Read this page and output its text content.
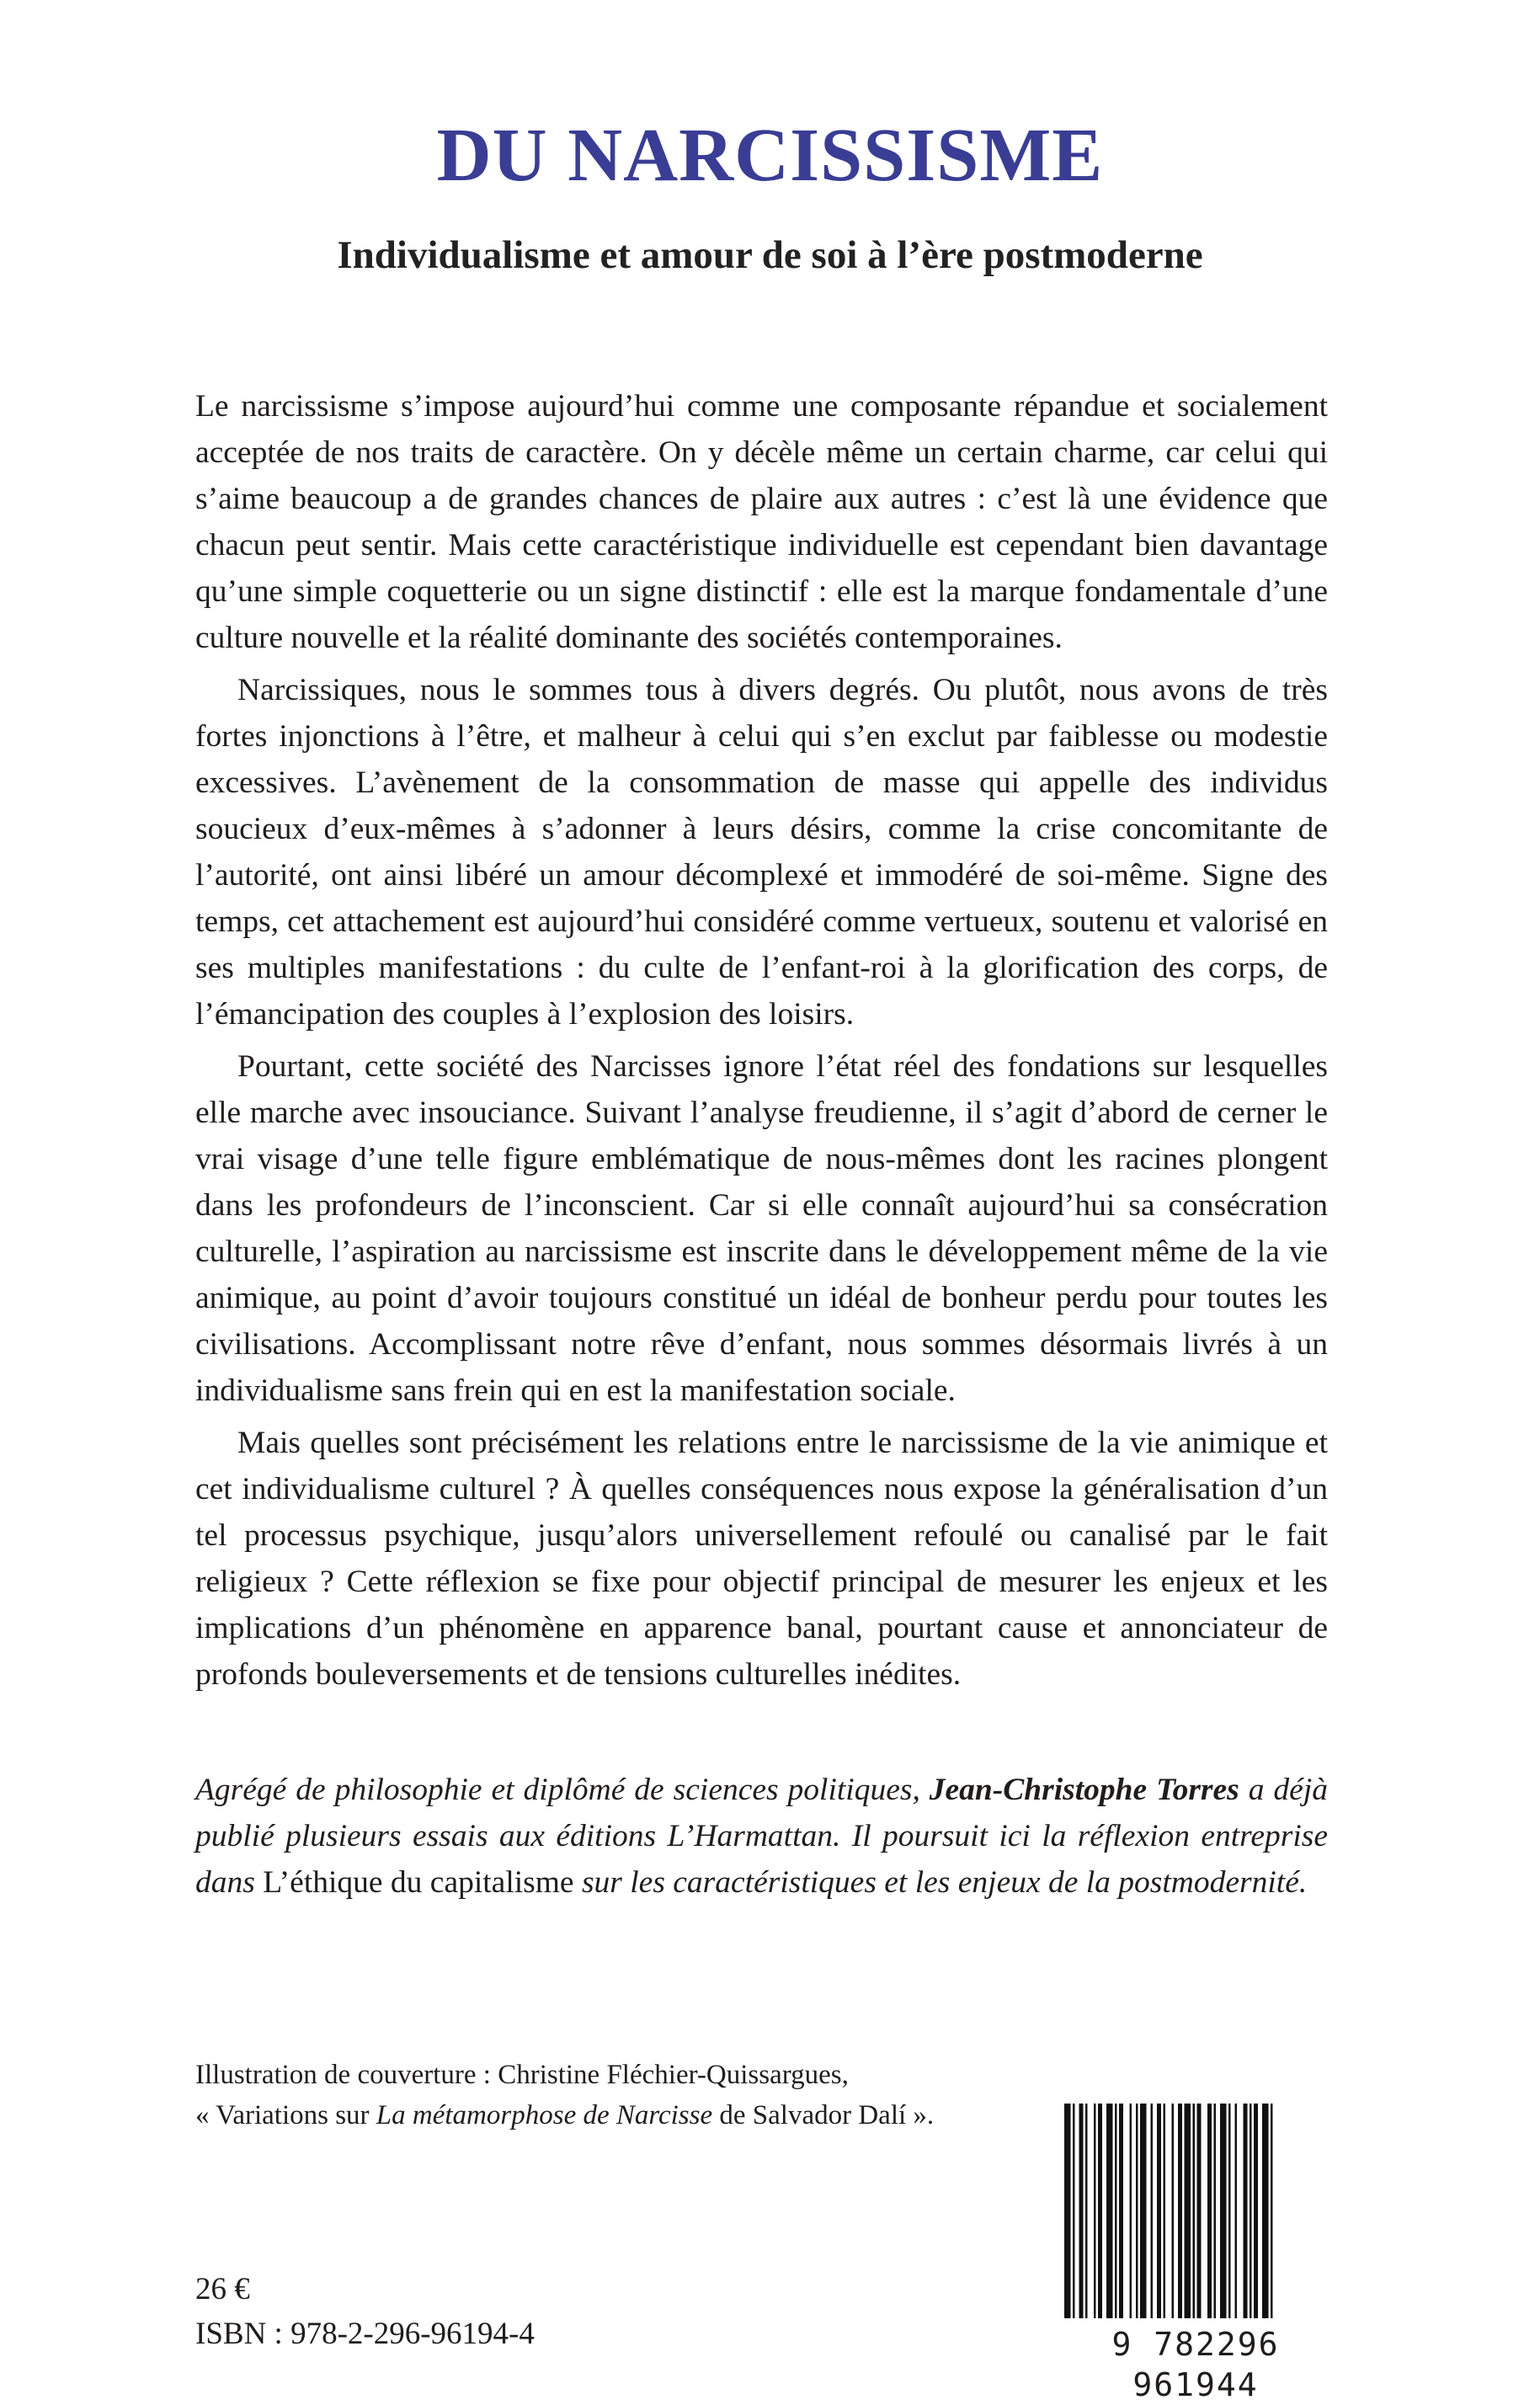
DU NARCISSISME
Individualisme et amour de soi à l’ère postmoderne

Le narcissisme s’impose aujourd’hui comme une composante répandue et socialement acceptée de nos traits de caractère. On y décèle même un certain charme, car celui qui s’aime beaucoup a de grandes chances de plaire aux autres : c’est là une évidence que chacun peut sentir. Mais cette caractéristique individuelle est cependant bien davantage qu’une simple coquetterie ou un signe distinctif : elle est la marque fondamentale d’une culture nouvelle et la réalité dominante des sociétés contemporaines.

Narcissiques, nous le sommes tous à divers degrés. Ou plutôt, nous avons de très fortes injonctions à l’être, et malheur à celui qui s’en exclut par faiblesse ou modestie excessives. L’avènement de la consommation de masse qui appelle des individus soucieux d’eux-mêmes à s’adonner à leurs désirs, comme la crise concomitante de l’autorité, ont ainsi libéré un amour décomplexé et immodéré de soi-même. Signe des temps, cet attachement est aujourd’hui considéré comme vertueux, soutenu et valorisé en ses multiples manifestations : du culte de l’enfant-roi à la glorification des corps, de l’émancipation des couples à l’explosion des loisirs.

Pourtant, cette société des Narcisses ignore l’état réel des fondations sur lesquelles elle marche avec insouciance. Suivant l’analyse freudienne, il s’agit d’abord de cerner le vrai visage d’une telle figure emblématique de nous-mêmes dont les racines plongent dans les profondeurs de l’inconscient. Car si elle connaît aujourd’hui sa consécration culturelle, l’aspiration au narcissisme est inscrite dans le développement même de la vie animique, au point d’avoir toujours constitué un idéal de bonheur perdu pour toutes les civilisations. Accomplissant notre rêve d’enfant, nous sommes désormais livrés à un individualisme sans frein qui en est la manifestation sociale.

Mais quelles sont précisément les relations entre le narcissisme de la vie animique et cet individualisme culturel ? À quelles conséquences nous expose la généralisation d’un tel processus psychique, jusqu’alors universellement refoulé ou canalisé par le fait religieux ? Cette réflexion se fixe pour objectif principal de mesurer les enjeux et les implications d’un phénomène en apparence banal, pourtant cause et annonciateur de profonds bouleversements et de tensions culturelles inédites.

Agrégé de philosophie et diplômé de sciences politiques, Jean-Christophe Torres a déjà publié plusieurs essais aux éditions L’Harmattan. Il poursuit ici la réflexion entreprise dans L’éthique du capitalisme sur les caractéristiques et les enjeux de la postmodernité.

Illustration de couverture : Christine Fléchier-Quissargues,
« Variations sur La métamorphose de Narcisse de Salvador Dalí ».

26 €
ISBN : 978-2-296-96194-4	9 782296 961944
